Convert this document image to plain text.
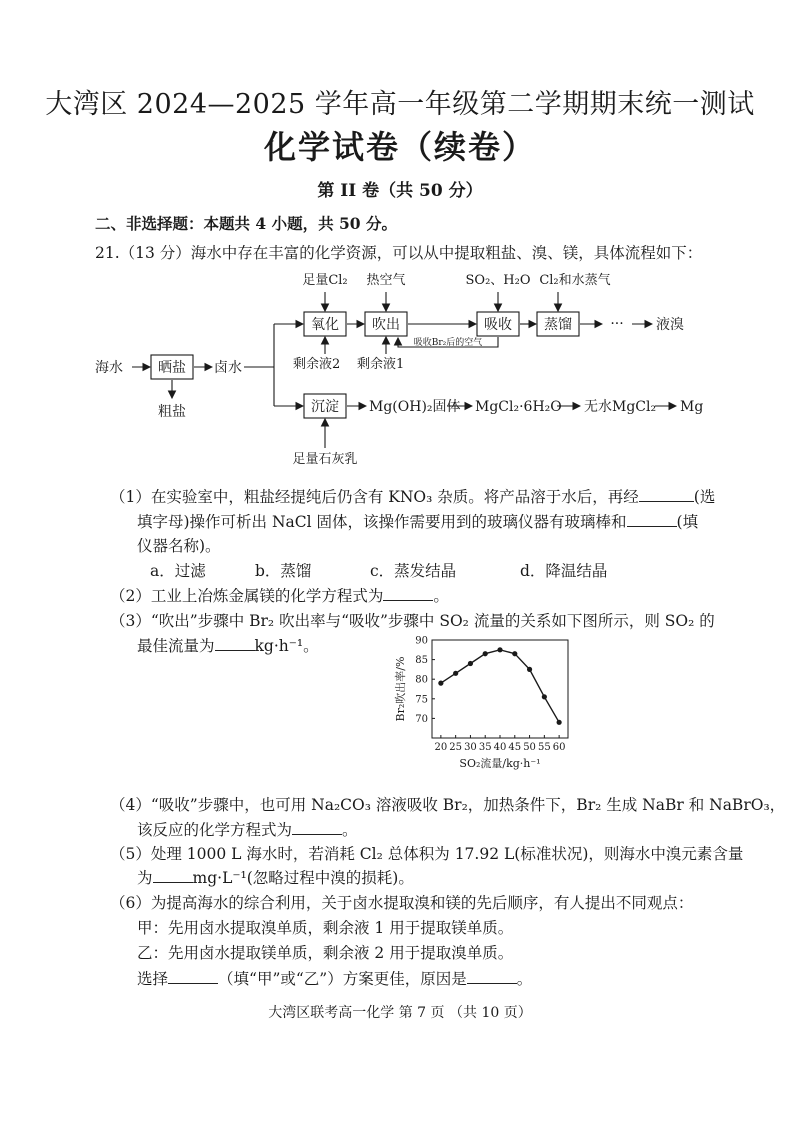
大湾区 2024—2025 学年高一年级第二学期期末统一测试
化学试卷（续卷）
第 II 卷（共 50 分）
二、非选择题：本题共 4 小题，共 50 分。
21.（13 分）海水中存在丰富的化学资源，可以从中提取粗盐、溴、镁，具体流程如下：
海水	晒盐
粗盐
卤水
氧化 吹出	吸收 蒸馏	··· 液溴
足量Cl₂ 热空气	SO₂、H₂O Cl₂和水蒸气
吸收Br₂后的空气
剩余液2 剩余液1
沉淀
足量石灰乳
Mg(OH)₂固体 MgCl₂·6H₂O 无水MgCl₂ Mg
（1）在实验室中，粗盐经提纯后仍含有 KNO₃ 杂质。将产品溶于水后，再经	(选
填字母)操作可析出 NaCl 固体，该操作需要用到的玻璃仪器有玻璃棒和	(填
仪器名称)。
a．过滤	b．蒸馏	c．蒸发结晶	d．降温结晶
（2）工业上冶炼金属镁的化学方程式为	。
（3）“吹出”步骤中 Br₂ 吹出率与“吸收”步骤中 SO₂ 流量的关系如下图所示，则 SO₂ 的
最佳流量为	kg·h⁻¹。
20 25 30 35 40 45 50 55 60
70
75
80
85
90
Br₂吹出率/%
SO₂流量/kg·h⁻¹
（4）“吸收”步骤中，也可用 Na₂CO₃ 溶液吸收 Br₂，加热条件下，Br₂ 生成 NaBr 和 NaBrO₃，
该反应的化学方程式为	。
（5）处理 1000 L 海水时，若消耗 Cl₂ 总体积为 17.92 L(标准状况)，则海水中溴元素含量
为	mg·L⁻¹(忽略过程中溴的损耗)。
（6）为提高海水的综合利用，关于卤水提取溴和镁的先后顺序，有人提出不同观点：
甲：先用卤水提取溴单质，剩余液 1 用于提取镁单质。
乙：先用卤水提取镁单质，剩余液 2 用于提取溴单质。
选择	（填“甲”或“乙”）方案更佳，原因是	。
大湾区联考高一化学 第 7 页 （共 10 页）
